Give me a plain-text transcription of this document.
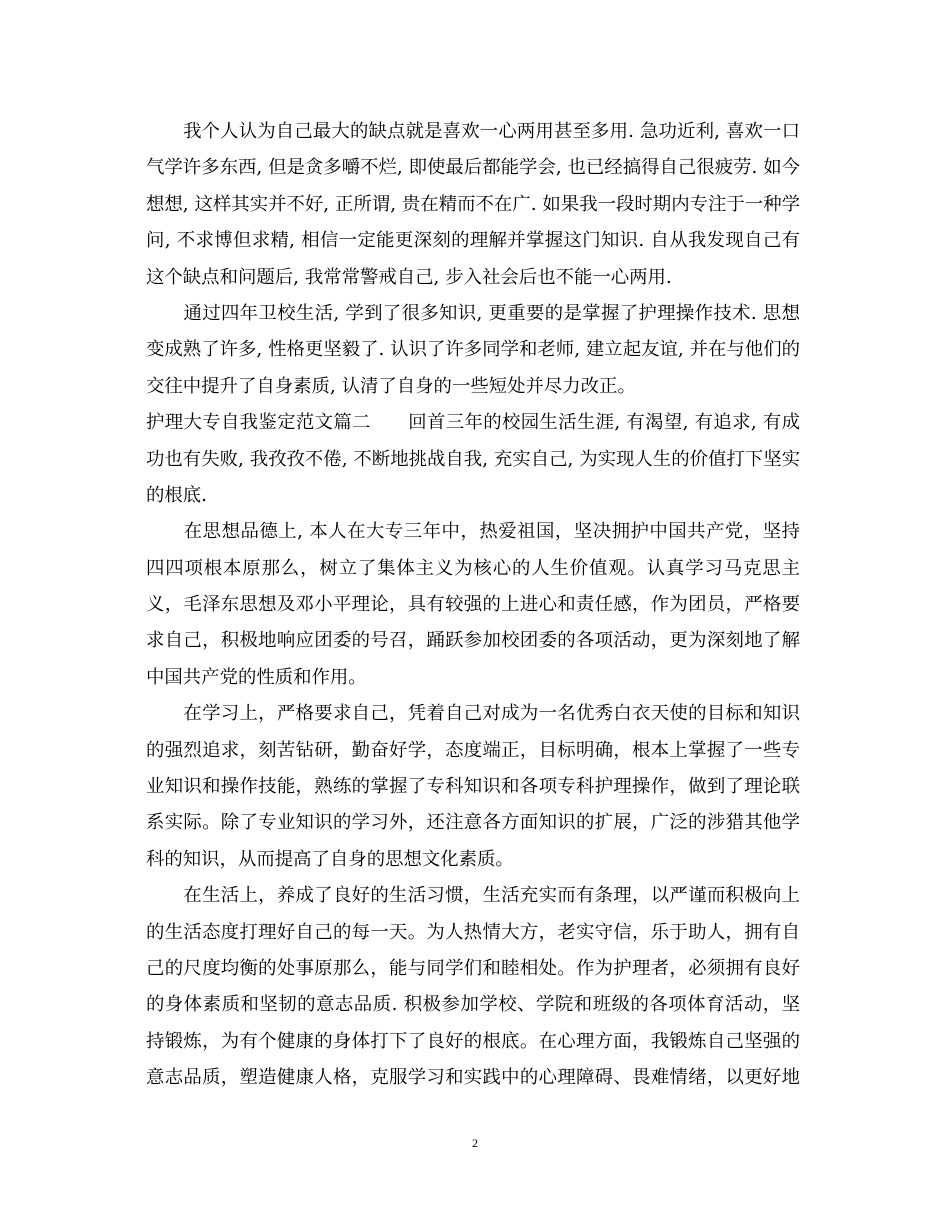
　　我个人认为自己最大的缺点就是喜欢一心两用甚至多用. 急功近利, 喜欢一口
气学许多东西, 但是贪多嚼不烂, 即使最后都能学会, 也已经搞得自己很疲劳. 如今
想想, 这样其实并不好, 正所谓, 贵在精而不在广. 如果我一段时期内专注于一种学
问, 不求博但求精, 相信一定能更深刻的理解并掌握这门知识. 自从我发现自己有
这个缺点和问题后, 我常常警戒自己, 步入社会后也不能一心两用.
　　通过四年卫校生活, 学到了很多知识, 更重要的是掌握了护理操作技术. 思想
变成熟了许多, 性格更坚毅了. 认识了许多同学和老师, 建立起友谊, 并在与他们的
交往中提升了自身素质, 认清了自身的一些短处并尽力改正。
护理大专自我鉴定范文篇二　　回首三年的校园生活生涯, 有渴望, 有追求, 有成
功也有失败, 我孜孜不倦, 不断地挑战自我, 充实自己, 为实现人生的价值打下坚实
的根底.
　　在思想品德上, 本人在大专三年中，热爱祖国，坚决拥护中国共产党，坚持
四四项根本原那么，树立了集体主义为核心的人生价值观。认真学习马克思主
义，毛泽东思想及邓小平理论，具有较强的上进心和责任感，作为团员，严格要
求自己，积极地响应团委的号召，踊跃参加校团委的各项活动，更为深刻地了解
中国共产党的性质和作用。
　　在学习上，严格要求自己，凭着自己对成为一名优秀白衣天使的目标和知识
的强烈追求，刻苦钻研，勤奋好学，态度端正，目标明确，根本上掌握了一些专
业知识和操作技能，熟练的掌握了专科知识和各项专科护理操作，做到了理论联
系实际。除了专业知识的学习外，还注意各方面知识的扩展，广泛的涉猎其他学
科的知识，从而提高了自身的思想文化素质。
　　在生活上，养成了良好的生活习惯，生活充实而有条理，以严谨而积极向上
的生活态度打理好自己的每一天。为人热情大方，老实守信，乐于助人，拥有自
己的尺度均衡的处事原那么，能与同学们和睦相处。作为护理者，必须拥有良好
的身体素质和坚韧的意志品质. 积极参加学校、学院和班级的各项体育活动，坚
持锻炼，为有个健康的身体打下了良好的根底。在心理方面，我锻炼自己坚强的
意志品质，塑造健康人格，克服学习和实践中的心理障碍、畏难情绪，以更好地
2
